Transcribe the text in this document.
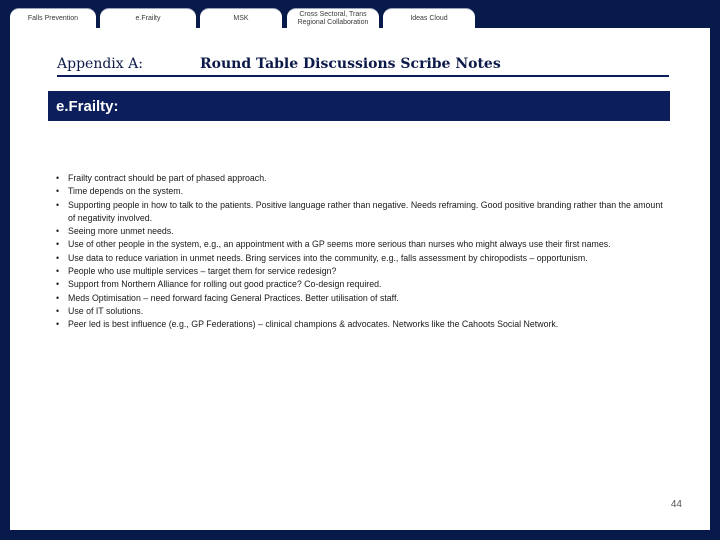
Falls Prevention	e.Frailty	MSK
Cross Sectoral, Trans Regional Collaboration
Ideas Cloud
Appendix A:	Round Table Discussions Scribe Notes
e.Frailty:
• Frailty contract should be part of phased approach.
• Time depends on the system.
• Supporting people in how to talk to the patients. Positive language rather than negative. Needs reframing. Good positive branding rather than the amount of negativity involved.
• Seeing more unmet needs.
• Use of other people in the system, e.g., an appointment with a GP seems more serious than nurses who might always use their first names.
• Use data to reduce variation in unmet needs. Bring services into the community, e.g., falls assessment by chiropodists – opportunism.
• People who use multiple services – target them for service redesign?
• Support from Northern Alliance for rolling out good practice? Co-design required.
• Meds Optimisation – need forward facing General Practices. Better utilisation of staff.
• Use of IT solutions.
• Peer led is best influence (e.g., GP Federations) – clinical champions & advocates. Networks like the Cahoots Social Network.
44
